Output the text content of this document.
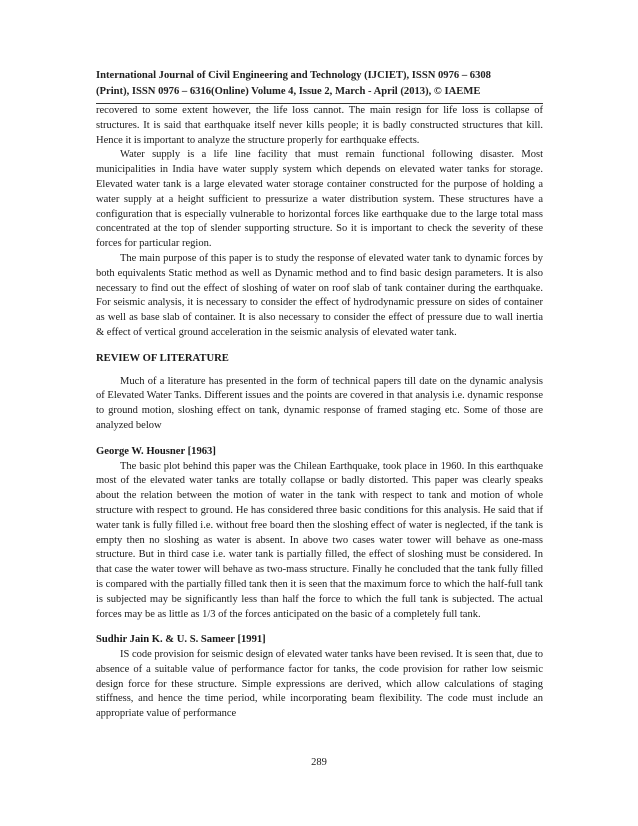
International Journal of Civil Engineering and Technology (IJCIET), ISSN 0976 – 6308
(Print), ISSN 0976 – 6316(Online) Volume 4, Issue 2, March - April (2013), © IAEME

recovered to some extent however, the life loss cannot. The main resign for life loss is collapse of structures. It is said that earthquake itself never kills people; it is badly constructed structures that kill. Hence it is important to analyze the structure properly for earthquake effects.

Water supply is a life line facility that must remain functional following disaster. Most municipalities in India have water supply system which depends on elevated water tanks for storage. Elevated water tank is a large elevated water storage container constructed for the purpose of holding a water supply at a height sufficient to pressurize a water distribution system. These structures have a configuration that is especially vulnerable to horizontal forces like earthquake due to the large total mass concentrated at the top of slender supporting structure. So it is important to check the severity of these forces for particular region.

The main purpose of this paper is to study the response of elevated water tank to dynamic forces by both equivalents Static method as well as Dynamic method and to find basic design parameters. It is also necessary to find out the effect of sloshing of water on roof slab of tank container during the earthquake. For seismic analysis, it is necessary to consider the effect of hydrodynamic pressure on sides of container as well as base slab of container. It is also necessary to consider the effect of pressure due to wall inertia & effect of vertical ground acceleration in the seismic analysis of elevated water tank.

REVIEW OF LITERATURE

Much of a literature has presented in the form of technical papers till date on the dynamic analysis of Elevated Water Tanks. Different issues and the points are covered in that analysis i.e. dynamic response to ground motion, sloshing effect on tank, dynamic response of framed staging etc. Some of those are analyzed below

George W. Housner [1963]

The basic plot behind this paper was the Chilean Earthquake, took place in 1960. In this earthquake most of the elevated water tanks are totally collapse or badly distorted. This paper was clearly speaks about the relation between the motion of water in the tank with respect to tank and motion of whole structure with respect to ground. He has considered three basic conditions for this analysis. He said that if water tank is fully filled i.e. without free board then the sloshing effect of water is neglected, if the tank is empty then no sloshing as water is absent. In above two cases water tower will behave as one-mass structure. But in third case i.e. water tank is partially filled, the effect of sloshing must be considered. In that case the water tower will behave as two-mass structure. Finally he concluded that the tank fully filled is compared with the partially filled tank then it is seen that the maximum force to which the half-full tank is subjected may be significantly less than half the force to which the full tank is subjected. The actual forces may be as little as 1/3 of the forces anticipated on the basic of a completely full tank.

Sudhir Jain K. & U. S. Sameer [1991]

IS code provision for seismic design of elevated water tanks have been revised. It is seen that, due to absence of a suitable value of performance factor for tanks, the code provision for rather low seismic design force for these structure. Simple expressions are derived, which allow calculations of staging stiffness, and hence the time period, while incorporating beam flexibility. The code must include an appropriate value of performance

289
